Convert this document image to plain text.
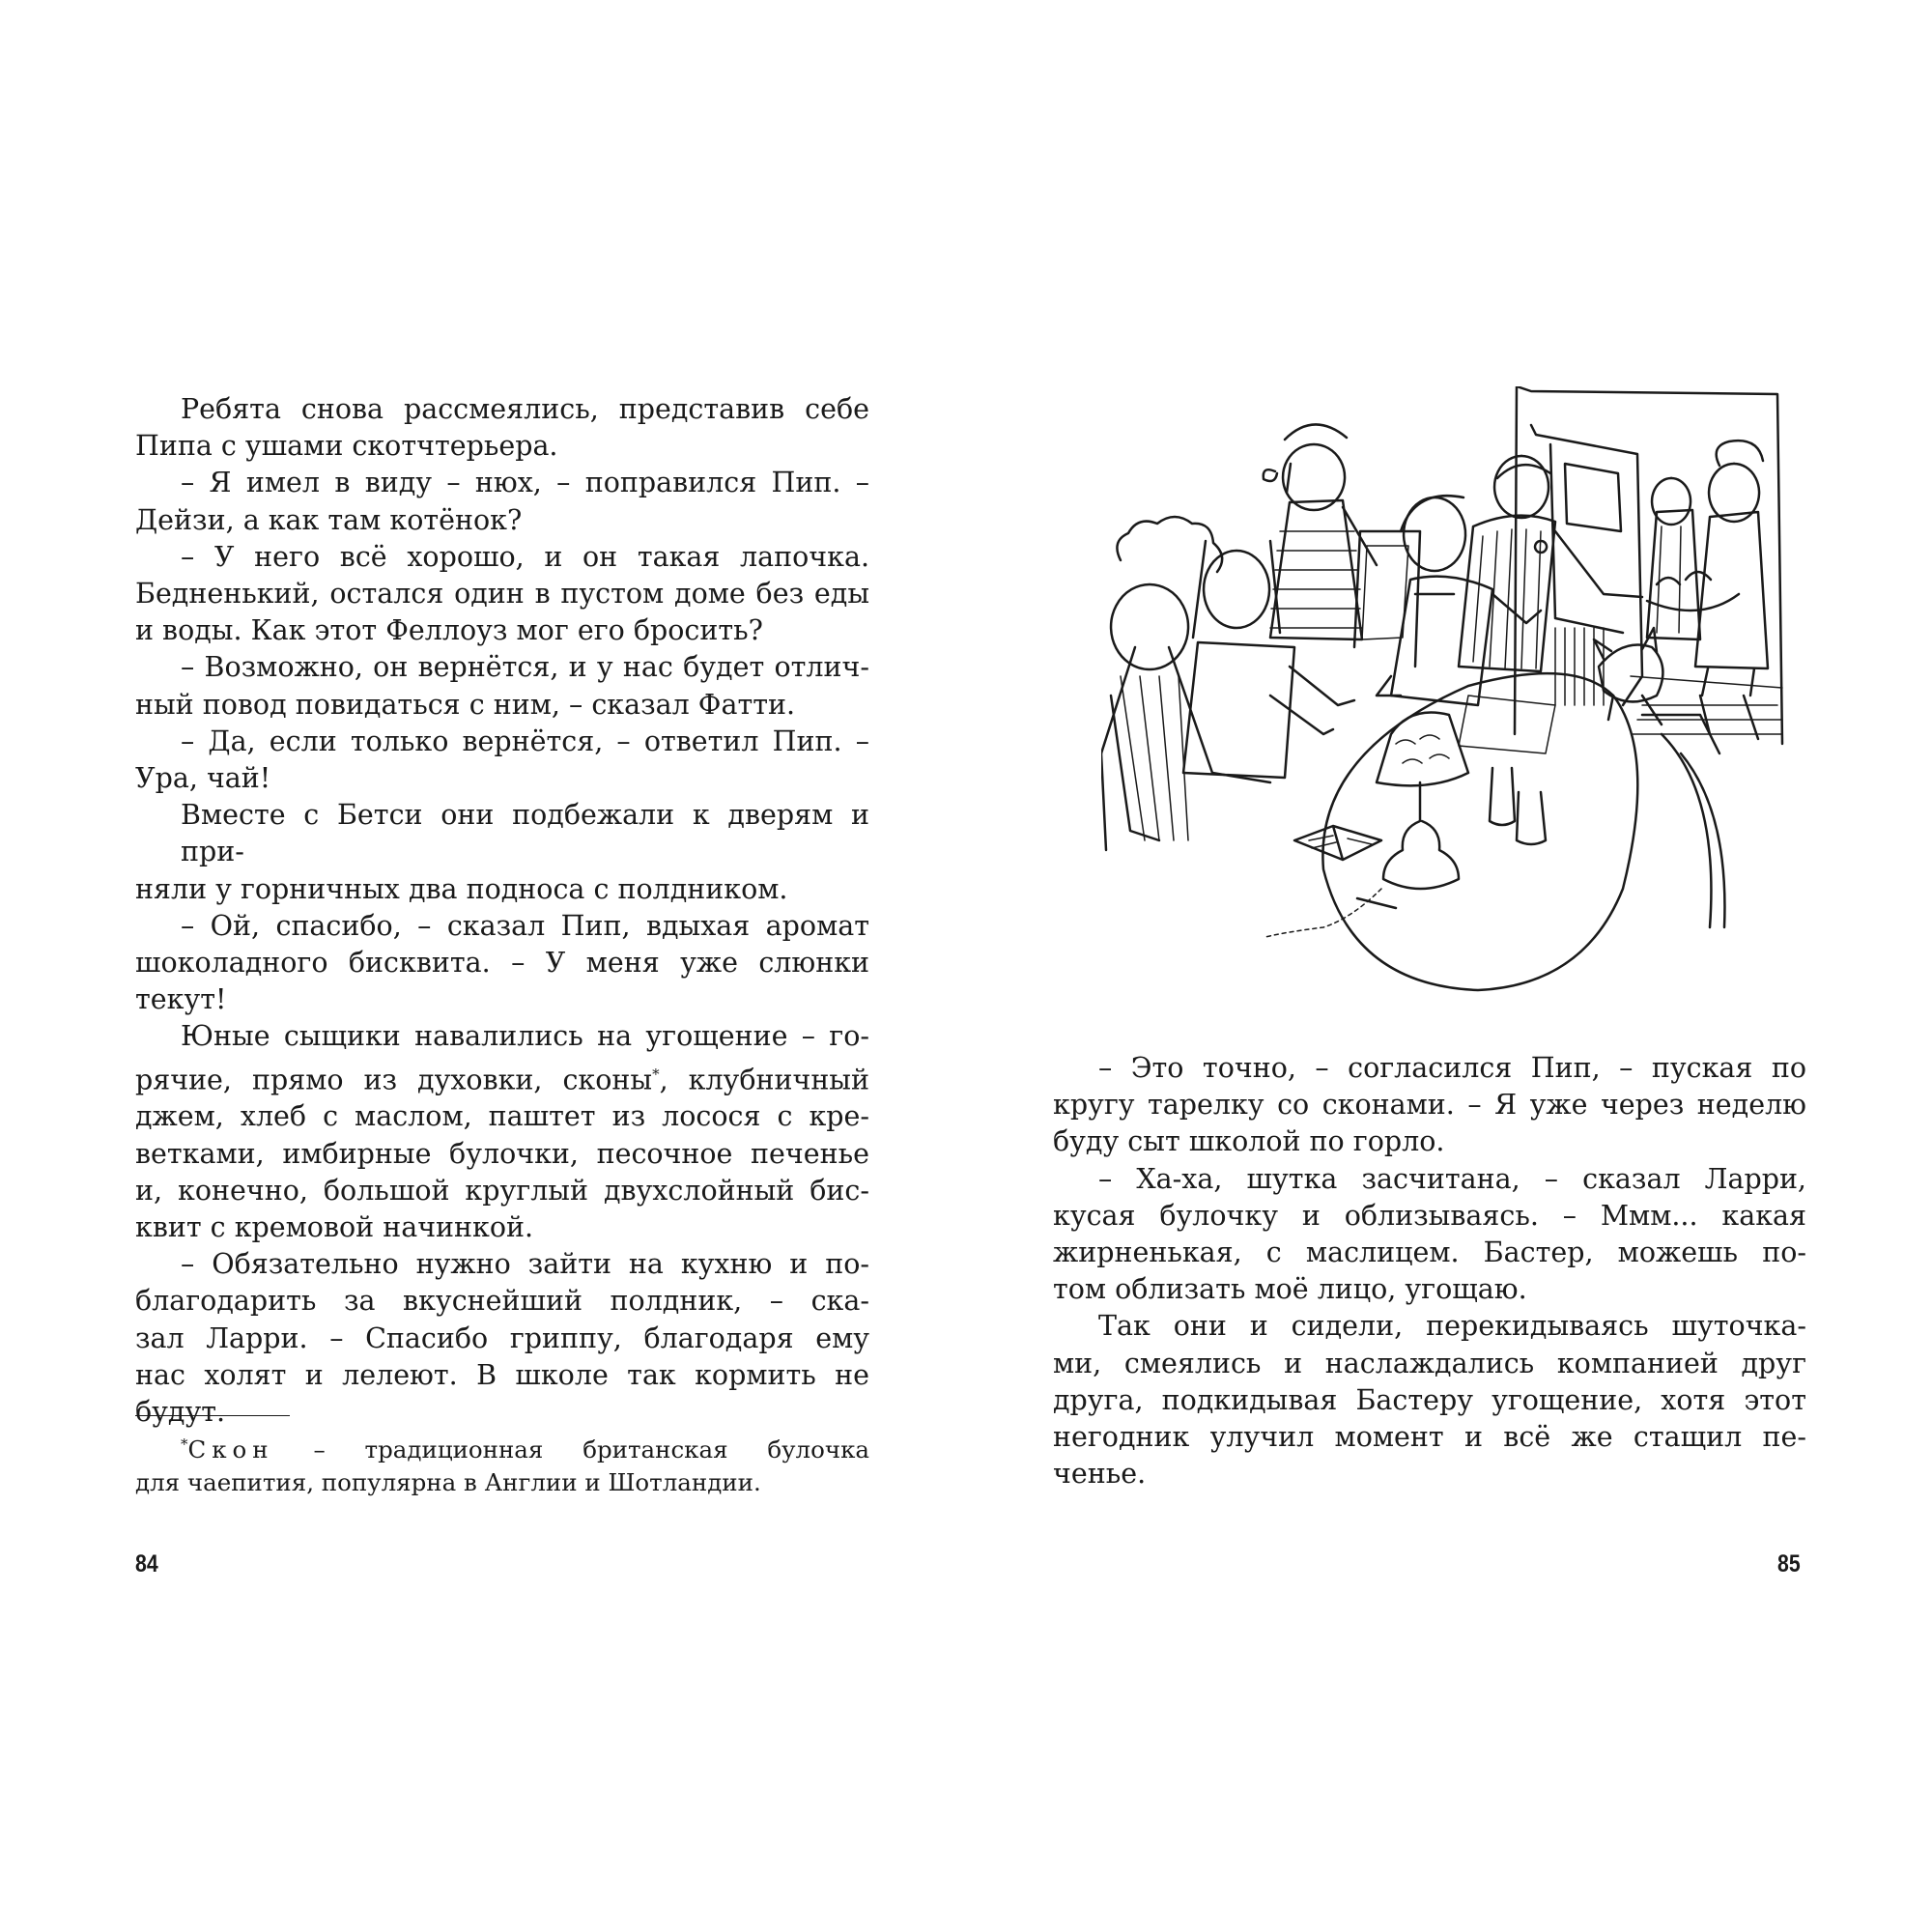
Ребята снова рассмеялись, представив себе
Пипа с ушами скотчтерьера.

– Я имел в виду – нюх, – поправился Пип. –
Дейзи, а как там котёнок?

– У него всё хорошо, и он такая лапочка.
Бедненький, остался один в пустом доме без еды
и воды. Как этот Феллоуз мог его бросить?

– Возможно, он вернётся, и у нас будет отлич-
ный повод повидаться с ним, – сказал Фатти.

– Да, если только вернётся, – ответил Пип. –
Ура, чай!

Вместе с Бетси они подбежали к дверям и при-
няли у горничных два подноса с полдником.

– Ой, спасибо, – сказал Пип, вдыхая аромат
шоколадного бисквита. – У меня уже слюнки
текут!

Юные сыщики навалились на угощение – го-
рячие, прямо из духовки, сконы*, клубничный
джем, хлеб с маслом, паштет из лосося с кре-
ветками, имбирные булочки, песочное печенье
и, конечно, большой круглый двухслойный бис-
квит с кремовой начинкой.

– Обязательно нужно зайти на кухню и по-
благодарить за вкуснейший полдник, – ска-
зал Ларри. – Спасибо гриппу, благодаря ему
нас холят и лелеют. В школе так кормить не
будут.

*Скон – традиционная британская булочка
для чаепития, популярна в Англии и Шотландии.
84

– Это точно, – согласился Пип, – пуская по
кругу тарелку со сконами. – Я уже через неделю
буду сыт школой по горло.

– Ха-ха, шутка засчитана, – сказал Ларри,
кусая булочку и облизываясь. – Ммм... какая
жирненькая, с маслицем. Бастер, можешь по-
том облизать моё лицо, угощаю.

Так они и сидели, перекидываясь шуточка-
ми, смеялись и наслаждались компанией друг
друга, подкидывая Бастеру угощение, хотя этот
негодник улучил момент и всё же стащил пе-
ченье.

85
